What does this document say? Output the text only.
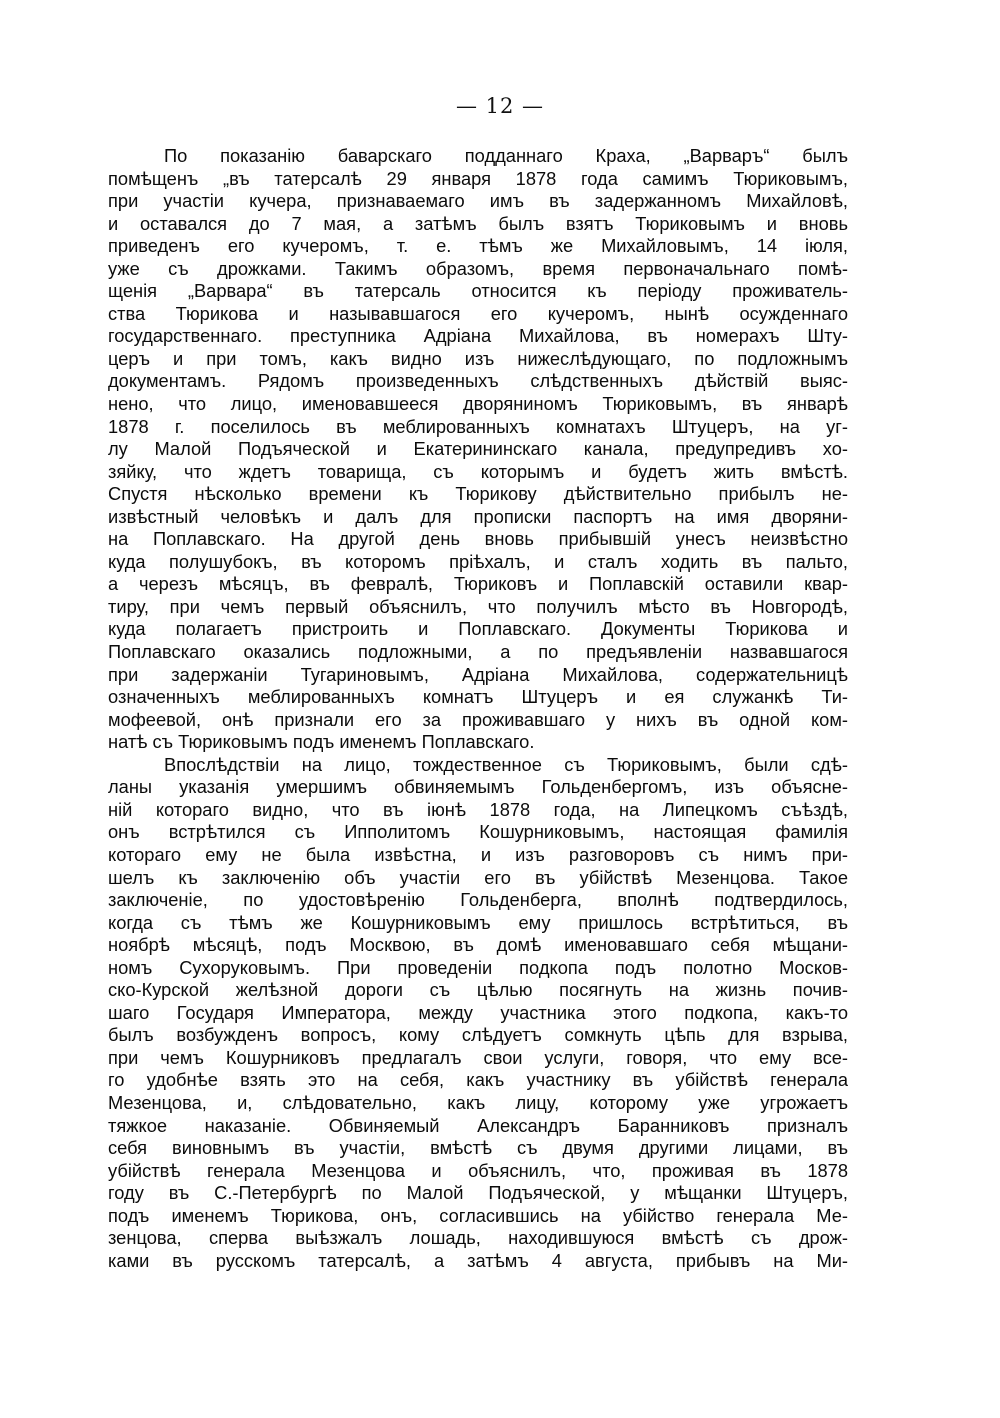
— 12 —
По показанію баварскаго подданнаго Краха, „Варваръ“ былъ
помѣщенъ „въ татерсалѣ 29 января 1878 года самимъ Тюриковымъ,
при участіи кучера, признаваемаго имъ въ задержанномъ Михайловѣ,
и оставался до 7 мая, а затѣмъ былъ взятъ Тюриковымъ и вновь
приведенъ его кучеромъ, т. е. тѣмъ же Михайловымъ, 14 іюля,
уже съ дрожками. Такимъ образомъ, время первоначальнаго помѣ-
щенія „Варвара“ въ татерсаль относится къ періоду проживатель-
ства Тюрикова и называвшагося его кучеромъ, нынѣ осужденнаго
государственнаго. преступника Адріана Михайлова, въ номерахъ Шту-
церъ и при томъ, какъ видно изъ нижеслѣдующаго, по подложнымъ
документамъ. Рядомъ произведенныхъ слѣдственныхъ дѣйствій выяс-
нено, что лицо, именовавшееся дворяниномъ Тюриковымъ, въ январѣ
1878 г. поселилось въ меблированныхъ комнатахъ Штуцеръ, на уг-
лу Малой Подъяческой и Екатерининскаго канала, предупредивъ хо-
зяйку, что ждетъ товарища, съ которымъ и будетъ жить вмѣстѣ.
Спустя нѣсколько времени къ Тюрикову дѣйствительно прибылъ не-
извѣстный человѣкъ и далъ для прописки паспортъ на имя дворяни-
на Поплавскаго. На другой день вновь прибывшій унесъ неизвѣстно
куда полушубокъ, въ которомъ пріѣхалъ, и сталъ ходить въ пальто,
а черезъ мѣсяцъ, въ февралѣ, Тюриковъ и Поплавскій оставили квар-
тиру, при чемъ первый объяснилъ, что получилъ мѣсто въ Новгородѣ,
куда полагаетъ пристроить и Поплавскаго. Документы Тюрикова и
Поплавскаго оказались подложными, а по предъявленіи назвавшагося
при задержаніи Тугариновымъ, Адріана Михайлова, содержательницѣ
означенныхъ меблированныхъ комнатъ Штуцеръ и ея служанкѣ Ти-
мофеевой, онѣ признали его за проживавшаго у нихъ въ одной ком-
натѣ съ Тюриковымъ подъ именемъ Поплавскаго.
Впослѣдствіи на лицо, тождественное съ Тюриковымъ, были сдѣ-
ланы указанія умершимъ обвиняемымъ Гольденбергомъ, изъ объясне-
ній котораго видно, что въ іюнѣ 1878 года, на Липецкомъ съѣздѣ,
онъ встрѣтился съ Ипполитомъ Кошурниковымъ, настоящая фамилія
котораго ему не была извѣстна, и изъ разговоровъ съ нимъ при-
шелъ къ заключенію объ участіи его въ убійствѣ Мезенцова. Такое
заключеніе, по удостовѣренію Гольденберга, вполнѣ подтвердилось,
когда съ тѣмъ же Кошурниковымъ ему пришлось встрѣтиться, въ
ноябрѣ мѣсяцѣ, подъ Москвою, въ домѣ именовавшаго себя мѣщани-
номъ Сухоруковымъ. При проведеніи подкопа подъ полотно Москов-
ско-Курской желѣзной дороги съ цѣлью посягнуть на жизнь почив-
шаго Государя Императора, между участника этого подкопа, какъ-то
былъ возбужденъ вопросъ, кому слѣдуетъ сомкнуть цѣпь для взрыва,
при чемъ Кошурниковъ предлагалъ свои услуги, говоря, что ему все-
го удобнѣе взять это на себя, какъ участнику въ убійствѣ генерала
Мезенцова, и, слѣдовательно, какъ лицу, которому уже угрожаетъ
тяжкое наказаніе. Обвиняемый Александръ Баранниковъ призналъ
себя виновнымъ въ участіи, вмѣстѣ съ двумя другими лицами, въ
убійствѣ генерала Мезенцова и объяснилъ, что, проживая въ 1878
году въ С.-Петербургѣ по Малой Подъяческой, у мѣщанки Штуцеръ,
подъ именемъ Тюрикова, онъ, согласившись на убійство генерала Ме-
зенцова, сперва выѣзжалъ лошадь, находившуюся вмѣстѣ съ дрож-
ками въ русскомъ татерсалѣ, а затѣмъ 4 августа, прибывъ на Ми-
